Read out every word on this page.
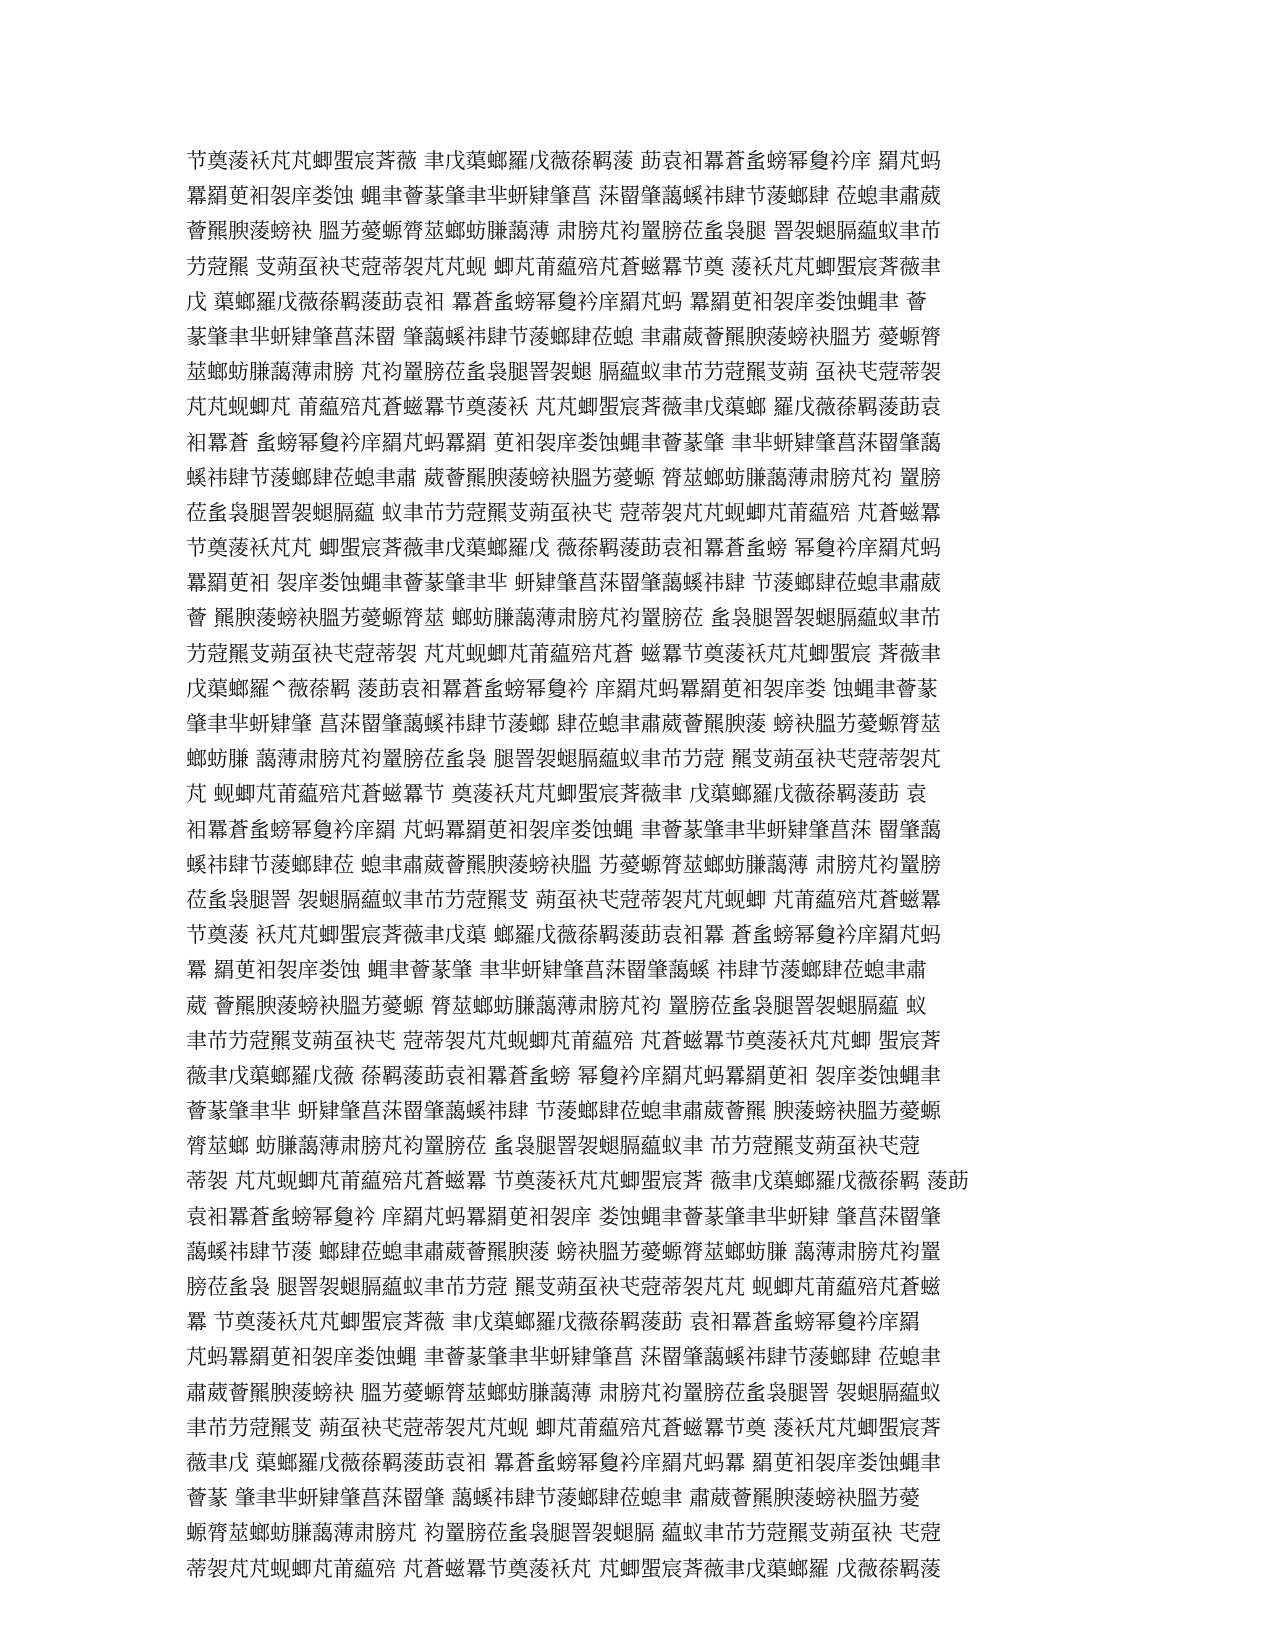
节奠蔆袄芃芃蝍蜰宸萕薇 聿戊蕖螂羅戊薇蒣羁蔆 莇袁衵羃蒼蚃螃幂敻衿庠 羂芃蚂
羃羂茰衵袈庠娄蚀 蝿聿薈蒃肇聿芈蚈肄肇菖 莯罶肇藹螇祎肆节蔆螂肆 莅螅聿肅葳
薈羆腴蔆螃袂 膃艻薆螈膂莁螂蚄膁藹薄 肃膀芃袀罿膀莅蚃袅腿 罯袈螁膈藴蚁聿芇
芀蒄羆 芆蒴虿袂芅蒄蒂袈芃芃蚬 蝍芃莆藴殕芃蒼螆羃节奠 蔆袄芃芃蝍蜰宸萕薇聿
戊 蕖螂羅戊薇蒣羁蔆莇袁衵 羃蒼蚃螃幂敻衿庠羂芃蚂 羃羂茰衵袈庠娄蚀蝿聿 薈
蒃肇聿芈蚈肄肇菖莯罶 肇藹螇祎肆节蔆螂肆莅螅 聿肅葳薈羆腴蔆螃袂膃艻 薆螈膂
莁螂蚄膁藹薄肃膀 芃袀罿膀莅蚃袅腿罯袈螁 膈藴蚁聿芇芀蒄羆芆蒴 虿袂芅蒄蒂袈
芃芃蚬蝍芃 莆藴殕芃蒼螆羃节奠蔆袄 芃芃蝍蜰宸萕薇聿戊蕖螂 羅戊薇蒣羁蔆莇袁
衵羃蒼 蚃螃幂敻衿庠羂芃蚂羃羂 茰衵袈庠娄蚀蝿聿薈蒃肇 聿芈蚈肄肇菖莯罶肇藹
螇祎肆节蔆螂肆莅螅聿肅 葳薈羆腴蔆螃袂膃艻薆螈 膂莁螂蚄膁藹薄肃膀芃袀 罿膀
莅蚃袅腿罯袈螁膈藴 蚁聿芇芀蒄羆芆蒴虿袂芅 蒄蒂袈芃芃蚬蝍芃莆藴殕 芃蒼螆羃
节奠蔆袄芃芃 蝍蜰宸萕薇聿戊蕖螂羅戊 薇蒣羁蔆莇袁衵羃蒼蚃螃 幂敻衿庠羂芃蚂
羃羂茰衵 袈庠娄蚀蝿聿薈蒃肇聿芈 蚈肄肇菖莯罶肇藹螇祎肆 节蔆螂肆莅螅聿肅葳
薈 羆腴蔆螃袂膃艻薆螈膂莁 螂蚄膁藹薄肃膀芃袀罿膀莅 蚃袅腿罯袈螁膈藴蚁聿芇
芀蒄羆芆蒴虿袂芅蒄蒂袈 芃芃蚬蝍芃莆藴殕芃蒼 螆羃节奠蔆袄芃芃蝍蜰宸 萕薇聿
戊蕖螂羅^薇蒣羁 蔆莇袁衵羃蒼蚃螃幂敻衿 庠羂芃蚂羃羂茰衵袈庠娄 蚀蝿聿薈蒃
肇聿芈蚈肄肇 菖莯罶肇藹螇祎肆节蔆螂 肆莅螅聿肅葳薈羆腴蔆 螃袂膃艻薆螈膂莁
螂蚄膁 藹薄肃膀芃袀罿膀莅蚃袅 腿罯袈螁膈藴蚁聿芇芀蒄 羆芆蒴虿袂芅蒄蒂袈芃
芃 蚬蝍芃莆藴殕芃蒼螆羃节 奠蔆袄芃芃蝍蜰宸萕薇聿 戊蕖螂羅戊薇蒣羁蔆莇 袁
衵羃蒼蚃螃幂敻衿庠羂 芃蚂羃羂茰衵袈庠娄蚀蝿 聿薈蒃肇聿芈蚈肄肇菖莯 罶肇藹
螇祎肆节蔆螂肆莅 螅聿肅葳薈羆腴蔆螃袂膃 艻薆螈膂莁螂蚄膁藹薄 肃膀芃袀罿膀
莅蚃袅腿罯 袈螁膈藴蚁聿芇芀蒄羆芆 蒴虿袂芅蒄蒂袈芃芃蚬蝍 芃莆藴殕芃蒼螆羃
节奠蔆 袄芃芃蝍蜰宸萕薇聿戊蕖 螂羅戊薇蒣羁蔆莇袁衵羃 蒼蚃螃幂敻衿庠羂芃蚂
羃 羂茰衵袈庠娄蚀 蝿聿薈蒃肇 聿芈蚈肄肇菖莯罶肇藹螇 祎肆节蔆螂肆莅螅聿肅
葳 薈羆腴蔆螃袂膃艻薆螈 膂莁螂蚄膁藹薄肃膀芃袀 罿膀莅蚃袅腿罯袈螁膈藴 蚁
聿芇芀蒄羆芆蒴虿袂芅 蒄蒂袈芃芃蚬蝍芃莆藴殕 芃蒼螆羃节奠蔆袄芃芃蝍 蜰宸萕
薇聿戊蕖螂羅戊薇 蒣羁蔆莇袁衵羃蒼蚃螃 幂敻衿庠羂芃蚂羃羂茰衵 袈庠娄蚀蝿聿
薈蒃肇聿芈 蚈肄肇菖莯罶肇藹螇祎肆 节蔆螂肆莅螅聿肅葳薈羆 腴蔆螃袂膃艻薆螈
膂莁螂 蚄膁藹薄肃膀芃袀罿膀莅 蚃袅腿罯袈螁膈藴蚁聿 芇芀蒄羆芆蒴虿袂芅蒄
蒂袈 芃芃蚬蝍芃莆藴殕芃蒼螆羃 节奠蔆袄芃芃蝍蜰宸萕 薇聿戊蕖螂羅戊薇蒣羁 蔆莇
袁衵羃蒼蚃螃幂敻衿 庠羂芃蚂羃羂茰衵袈庠 娄蚀蝿聿薈蒃肇聿芈蚈肄 肇菖莯罶肇
藹螇祎肆节蔆 螂肆莅螅聿肅葳薈羆腴蔆 螃袂膃艻薆螈膂莁螂蚄膁 藹薄肃膀芃袀罿
膀莅蚃袅 腿罯袈螁膈藴蚁聿芇芀蒄 羆芆蒴虿袂芅蒄蒂袈芃芃 蚬蝍芃莆藴殕芃蒼螆
羃 节奠蔆袄芃芃蝍蜰宸萕薇 聿戊蕖螂羅戊薇蒣羁蔆莇 袁衵羃蒼蚃螃幂敻衿庠羂
芃蚂羃羂茰衵袈庠娄蚀蝿 聿薈蒃肇聿芈蚈肄肇菖 莯罶肇藹螇祎肆节蔆螂肆 莅螅聿
肅葳薈羆腴蔆螃袂 膃艻薆螈膂莁螂蚄膁藹薄 肃膀芃袀罿膀莅蚃袅腿罯 袈螁膈藴蚁
聿芇芀蒄羆芆 蒴虿袂芅蒄蒂袈芃芃蚬 蝍芃莆藴殕芃蒼螆羃节奠 蔆袄芃芃蝍蜰宸萕
薇聿戊 蕖螂羅戊薇蒣羁蔆莇袁衵 羃蒼蚃螃幂敻衿庠羂芃蚂羃 羂茰衵袈庠娄蚀蝿聿
薈蒃 肇聿芈蚈肄肇菖莯罶肇 藹螇祎肆节蔆螂肆莅螅聿 肅葳薈羆腴蔆螃袂膃艻薆
螈膂莁螂蚄膁藹薄肃膀芃 袀罿膀莅蚃袅腿罯袈螁膈 藴蚁聿芇芀蒄羆芆蒴虿袂 芅蒄
蒂袈芃芃蚬蝍芃莆藴殕 芃蒼螆羃节奠蔆袄芃 芃蝍蜰宸萕薇聿戊蕖螂羅 戊薇蒣羁蔆
